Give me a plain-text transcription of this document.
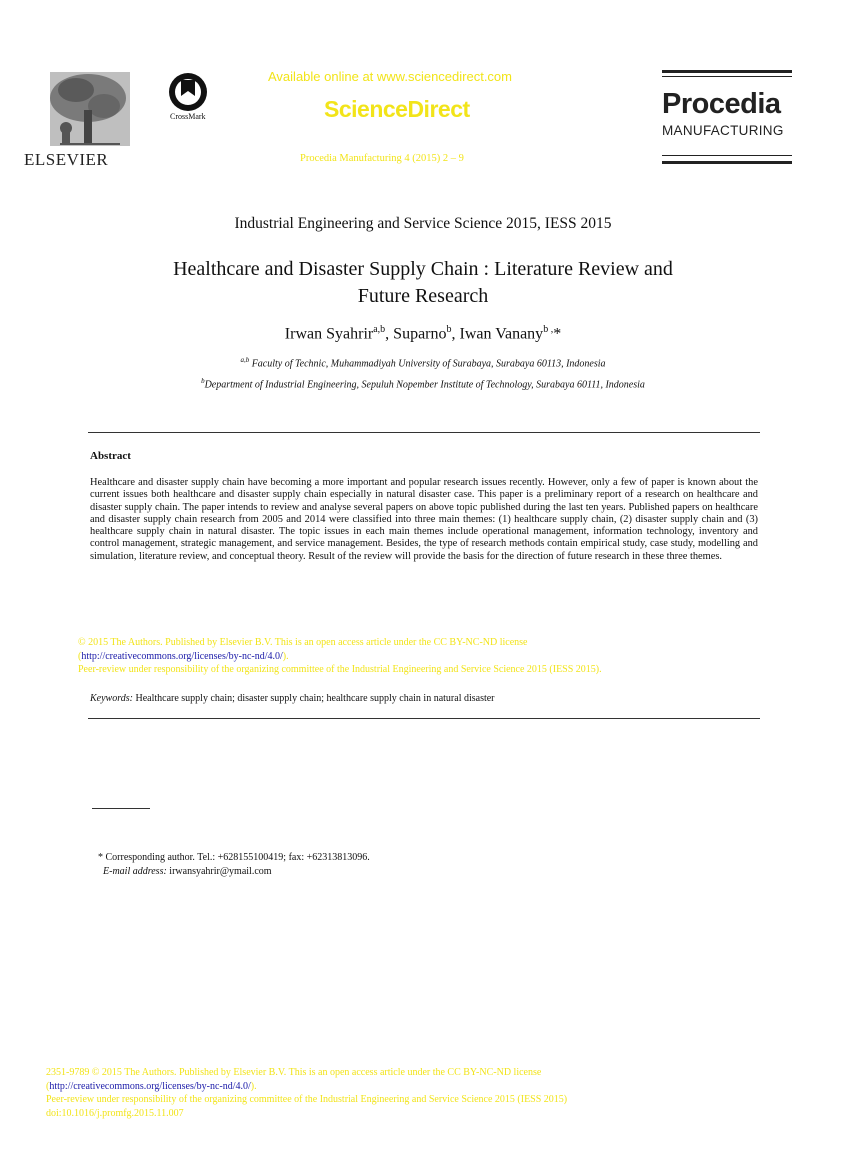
ELSEVIER
CrossMark
Available online at www.sciencedirect.com
ScienceDirect
Procedia Manufacturing 4 (2015) 2 – 9
Procedia
MANUFACTURING
Industrial Engineering and Service Science 2015, IESS 2015
Healthcare and Disaster Supply Chain : Literature Review and
Future Research
Irwan Syahrir$^{a,b}$, Suparno$^b$, Iwan Vanany$^{b ,}$*
$^{a,b}$ Faculty of Technic, Muhammadiyah University of Surabaya, Surabaya 60113, Indonesia
$^b$Department of Industrial Engineering, Sepuluh Nopember Institute of Technology, Surabaya 60111, Indonesia
Abstract
Healthcare and disaster supply chain have becoming a more important and popular research issues recently. However, only a few of paper is known about the current issues both healthcare and disaster supply chain especially in natural disaster case. This paper is a preliminary report of a research on healthcare and disaster supply chain. The paper intends to review and analyse several papers on above topic published during the last ten years. Published papers on healthcare and disaster supply chain research from 2005 and 2014 were classified into three main themes: (1) healthcare supply chain, (2) disaster supply chain and (3) healthcare supply chain in natural disaster. The topic issues in each main themes include operational management, information technology, inventory and control management, strategic management, and service management. Besides, the type of research methods contain empirical study, case study, modelling and simulation, literature review, and conceptual theory. Result of the review will provide the basis for the direction of future research in these three themes.
© 2015 The Authors. Published by Elsevier B.V. This is an open access article under the CC BY-NC-ND license
(http://creativecommons.org/licenses/by-nc-nd/4.0/).
Peer-review under responsibility of the organizing committee of the Industrial Engineering and Service Science 2015 (IESS 2015).
Keywords: Healthcare supply chain; disaster supply chain; healthcare supply chain in natural disaster
* Corresponding author. Tel.: +628155100419; fax: +62313813096.
E-mail address: irwansyahrir@ymail.com
2351-9789 © 2015 The Authors. Published by Elsevier B.V. This is an open access article under the CC BY-NC-ND license
(http://creativecommons.org/licenses/by-nc-nd/4.0/).
Peer-review under responsibility of the organizing committee of the Industrial Engineering and Service Science 2015 (IESS 2015)
doi:10.1016/j.promfg.2015.11.007
